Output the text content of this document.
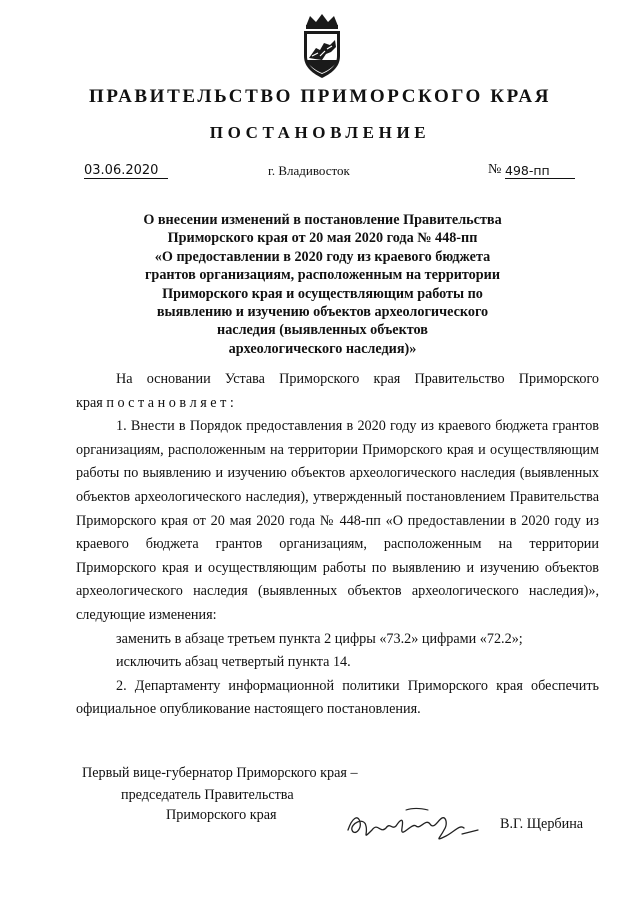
ПРАВИТЕЛЬСТВО ПРИМОРСКОГО КРАЯ
ПОСТАНОВЛЕНИЕ
03.06.2020	г. Владивосток	№ 498-пп
О внесении изменений в постановление Правительства
Приморского края от 20 мая 2020 года № 448-пп
«О предоставлении в 2020 году из краевого бюджета
грантов организациям, расположенным на территории
Приморского края и осуществляющим работы по
выявлению и изучению объектов археологического
наследия (выявленных объектов
археологического наследия)»

На основании Устава Приморского края Правительство Приморского

края п о с т а н о в л я е т :

1. Внести в Порядок предоставления в 2020 году из краевого бюджета грантов организациям, расположенным на территории Приморского края и осуществляющим работы по выявлению и изучению объектов археологического наследия (выявленных объектов археологического наследия), утвержденный постановлением Правительства Приморского края от 20 мая 2020 года № 448-пп «О предоставлении в 2020 году из краевого бюджета грантов организациям, расположенным на территории Приморского края и осуществляющим работы по выявлению и изучению объектов археологического наследия (выявленных объектов археологического наследия)», следующие изменения:

заменить в абзаце третьем пункта 2 цифры «73.2» цифрами «72.2»;

исключить абзац четвертый пункта 14.

2. Департаменту информационной политики Приморского края обеспечить официальное опубликование настоящего постановления.

Первый вице-губернатор Приморского края –
председатель Правительства
Приморского края
В.Г. Щербина
